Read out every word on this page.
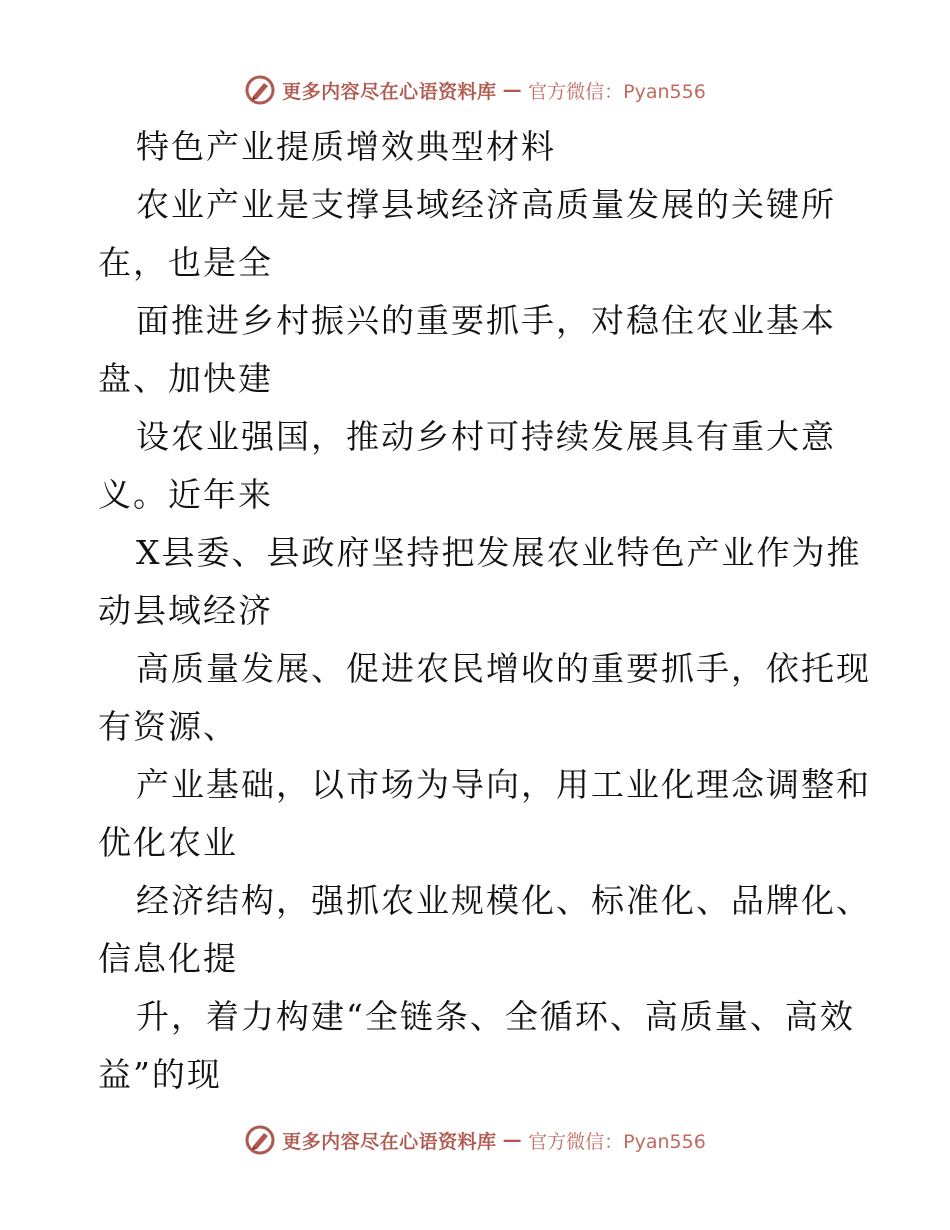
更多内容尽在心语资料库 — 官方微信：Pyan556
特色产业提质增效典型材料
农业产业是支撑县域经济高质量发展的关键所
在，也是全
面推进乡村振兴的重要抓手，对稳住农业基本
盘、加快建
设农业强国，推动乡村可持续发展具有重大意
义。近年来
X县委、县政府坚持把发展农业特色产业作为推
动县域经济
高质量发展、促进农民增收的重要抓手，依托现
有资源、
产业基础，以市场为导向，用工业化理念调整和
优化农业
经济结构，强抓农业规模化、标准化、品牌化、
信息化提
升，着力构建“全链条、全循环、高质量、高效
益”的现
更多内容尽在心语资料库 — 官方微信：Pyan556
